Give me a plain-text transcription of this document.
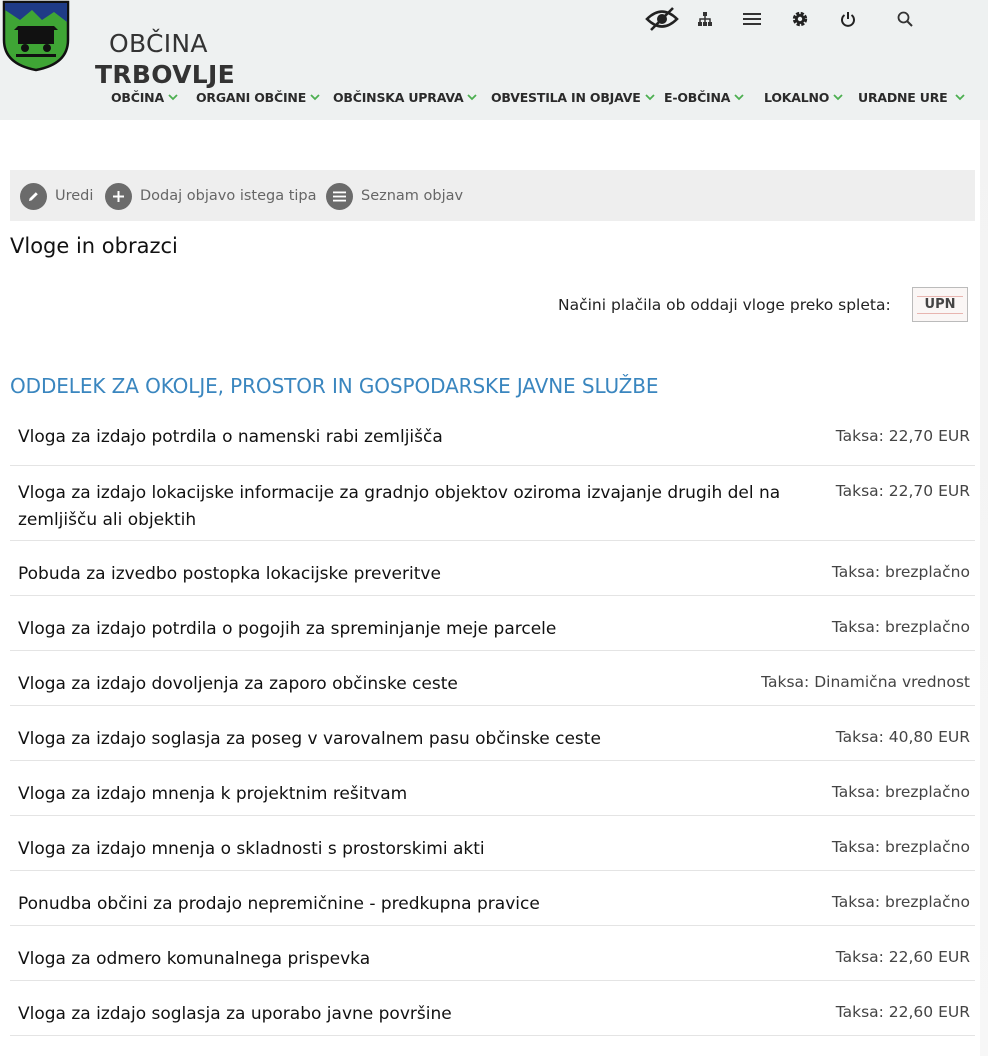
OBČINA
TRBOVLJE
OBČINA	ORGANI OBČINE OBČINSKA UPRAVA OBVESTILA IN OBJAVE E-OBČINA	LOKALNO URADNE URE
Uredi	Dodaj objavo istega tipa	Seznam objav
Vloge in obrazci
Načini plačila ob oddaji vloge preko spleta:	UPN
ODDELEK ZA OKOLJE, PROSTOR IN GOSPODARSKE JAVNE SLUŽBE
Vloga za izdajo potrdila o namenski rabi zemljišča	Taksa: 22,70 EUR
Vloga za izdajo lokacijske informacije za gradnjo objektov oziroma izvajanje drugih del na zemljišču ali objektih
Taksa: 22,70 EUR
Pobuda za izvedbo postopka lokacijske preveritve	Taksa: brezplačno
Vloga za izdajo potrdila o pogojih za spreminjanje meje parcele	Taksa: brezplačno
Vloga za izdajo dovoljenja za zaporo občinske ceste	Taksa: Dinamična vrednost
Vloga za izdajo soglasja za poseg v varovalnem pasu občinske ceste	Taksa: 40,80 EUR
Vloga za izdajo mnenja k projektnim rešitvam	Taksa: brezplačno
Vloga za izdajo mnenja o skladnosti s prostorskimi akti	Taksa: brezplačno
Ponudba občini za prodajo nepremičnine - predkupna pravice	Taksa: brezplačno
Vloga za odmero komunalnega prispevka	Taksa: 22,60 EUR
Vloga za izdajo soglasja za uporabo javne površine	Taksa: 22,60 EUR
